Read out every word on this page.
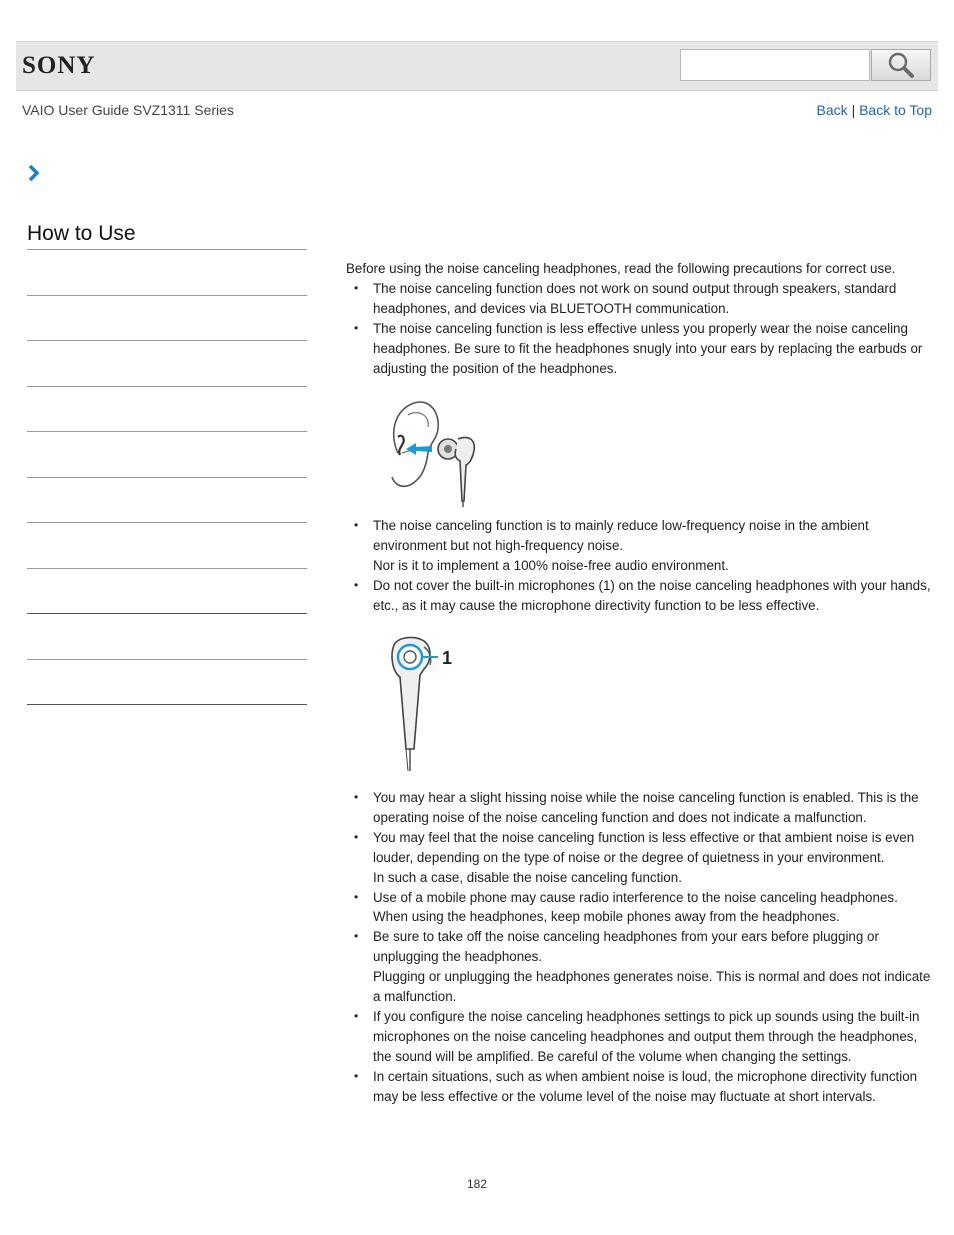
SONY
VAIO User Guide SVZ1311 Series	Back | Back to Top
How to Use

Before using the noise canceling headphones, read the following precautions for correct use.

• The noise canceling function does not work on sound output through speakers, standard headphones, and devices via BLUETOOTH communication.
• The noise canceling function is less effective unless you properly wear the noise canceling headphones. Be sure to fit the headphones snugly into your ears by replacing the earbuds or adjusting the position of the headphones.
• The noise canceling function is to mainly reduce low-frequency noise in the ambient environment but not high-frequency noise.
Nor is it to implement a 100% noise-free audio environment.
• Do not cover the built-in microphones (1) on the noise canceling headphones with your hands, etc., as it may cause the microphone directivity function to be less effective.
1
• You may hear a slight hissing noise while the noise canceling function is enabled. This is the operating noise of the noise canceling function and does not indicate a malfunction.
• You may feel that the noise canceling function is less effective or that ambient noise is even louder, depending on the type of noise or the degree of quietness in your environment.
In such a case, disable the noise canceling function.
• Use of a mobile phone may cause radio interference to the noise canceling headphones. When using the headphones, keep mobile phones away from the headphones.
• Be sure to take off the noise canceling headphones from your ears before plugging or unplugging the headphones.
Plugging or unplugging the headphones generates noise. This is normal and does not indicate a malfunction.
• If you configure the noise canceling headphones settings to pick up sounds using the built-in microphones on the noise canceling headphones and output them through the headphones, the sound will be amplified. Be careful of the volume when changing the settings.
• In certain situations, such as when ambient noise is loud, the microphone directivity function may be less effective or the volume level of the noise may fluctuate at short intervals.
182
